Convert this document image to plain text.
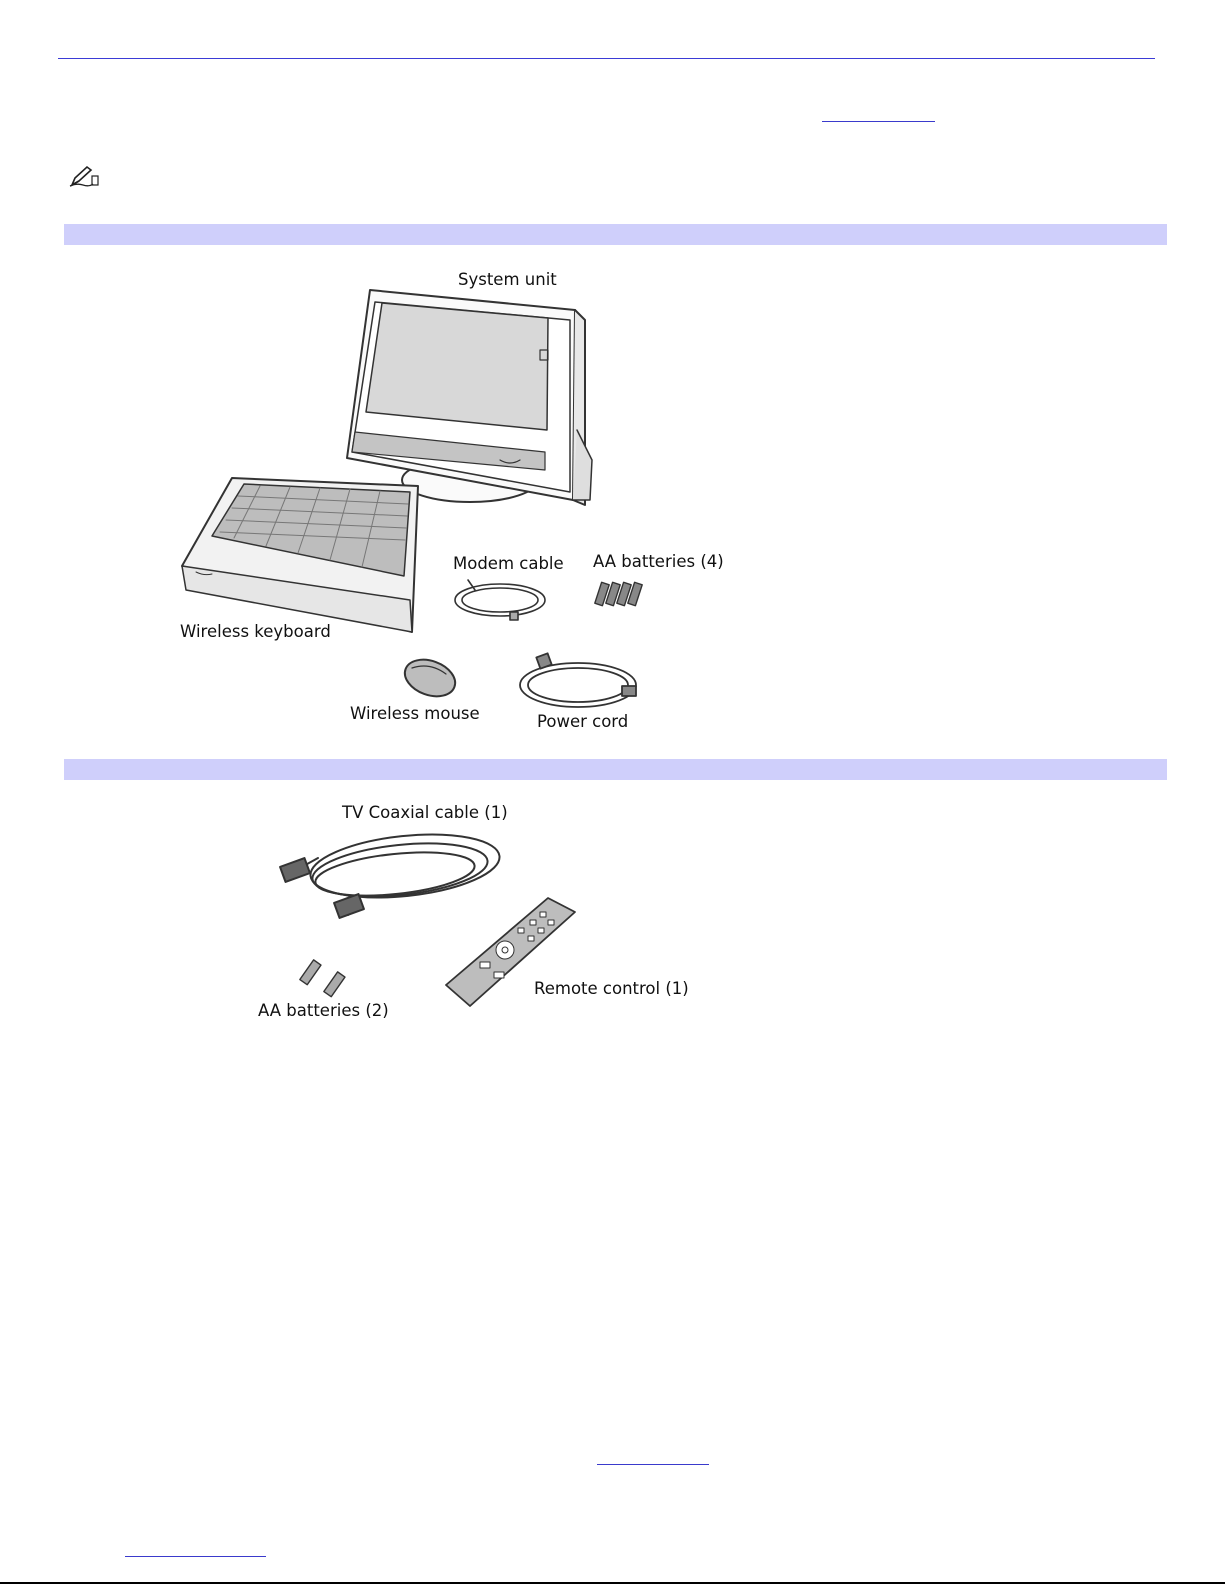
System unit
Modem cable AA batteries (4)
Wireless keyboard
Wireless mouse	Power cord
TV Coaxial cable (1)
Remote control (1)
AA batteries (2)
